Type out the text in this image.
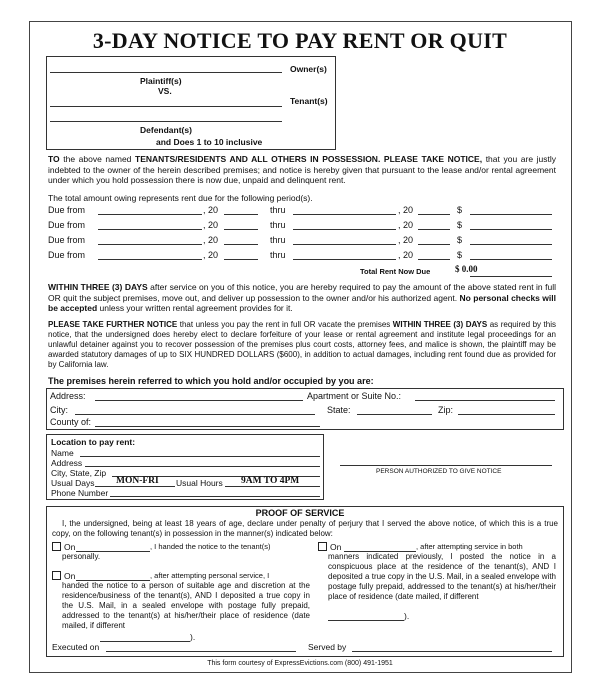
3-DAY NOTICE TO PAY RENT OR QUIT
Owner(s)
Plaintiff(s)
VS.
Tenant(s)
Defendant(s)
and Does 1 to 10 inclusive
TO the above named TENANTS/RESIDENTS AND ALL OTHERS IN POSSESSION. PLEASE TAKE NOTICE, that you are justly indebted to the owner of the herein described premises; and notice is hereby given that pursuant to the lease and/or rental agreement under which you hold possession there is now due, unpaid and delinquent rent.
The total amount owing represents rent due for the following period(s).
Due from	, 20	thru	, 20	$
Due from	, 20	thru	, 20	$
Due from	, 20	thru	, 20	$
Due from	, 20	thru	, 20	$
Total Rent Now Due	$ 0.00
WITHIN THREE (3) DAYS after service on you of this notice, you are hereby required to pay the amount of the above stated rent in full OR quit the subject premises, move out, and deliver up possession to the owner and/or his authorized agent. No personal checks will be accepted unless your written rental agreement provides for it.
PLEASE TAKE FURTHER NOTICE that unless you pay the rent in full OR vacate the premises WITHIN THREE (3) DAYS as required by this notice, that the undersigned does hereby elect to declare forfeiture of your lease or rental agreement and institute legal proceedings for an unlawful detainer against you to recover possession of the premises plus court costs, attorney fees, and malice is shown, the plaintiff may be awarded statutory damages of up to SIX HUNDRED DOLLARS ($600), in addition to actual damages, including rent found due as provided for by California law.
The premises herein referred to which you hold and/or occupied by you are:
Address:	Apartment or Suite No.:
City:	State:	Zip:
County of:
Location to pay rent:
Name
Address
City, State, Zip
Usual Days MON-FRI Usual Hours 9AM TO 4PM
Phone Number
PERSON AUTHORIZED TO GIVE NOTICE
PROOF OF SERVICE
I, the undersigned, being at least 18 years of age, declare under penalty of perjury that I served the above notice, of which this is a true copy, on the following tenant(s) in possession in the manner(s) indicated below:
On	, I handed the notice to the tenant(s)
personally.
On	, after attempting personal service, I
handed the notice to a person of suitable age and discretion at the residence/business of the tenant(s), AND I deposited a true copy in the U.S. Mail, in a sealed envelope with postage fully prepaid, addressed to the tenant(s) at his/her/their place of residence (date mailed, if different
).
On	, after attempting service in both
manners indicated previously, I posted the notice in a conspicuous place at the residence of the tenant(s), AND I deposited a true copy in the U.S. Mail, in a sealed envelope with postage fully prepaid, addressed to the tenant(s) at his/her/their place of residence (date mailed, if different
).
Executed on	Served by
This form courtesy of ExpressEvictions.com (800) 491-1951
